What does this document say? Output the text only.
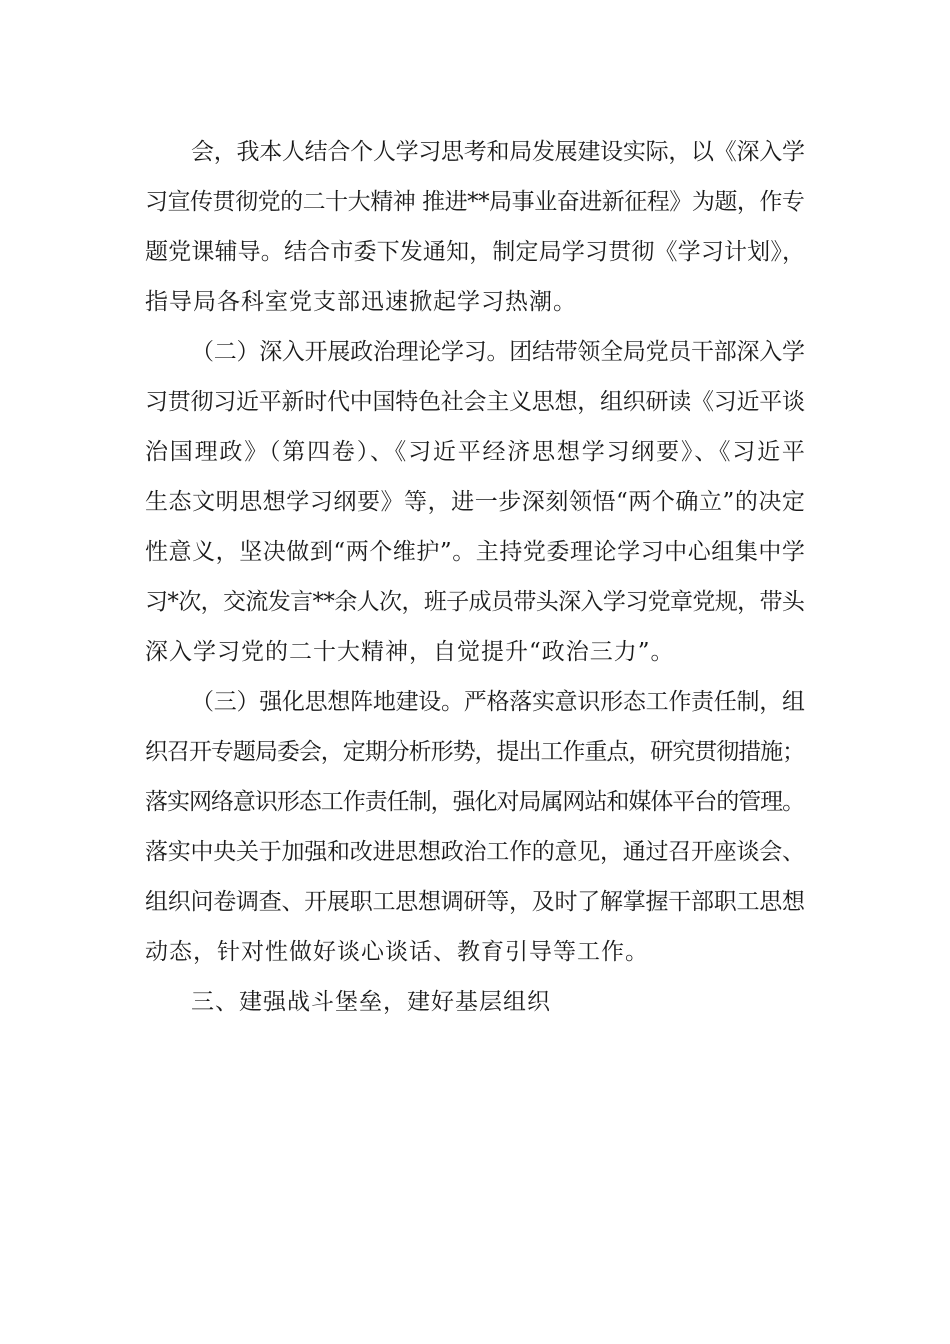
会，我本人结合个人学习思考和局发展建设实际，以《深入学

习宣传贯彻党的二十大精神 推进**局事业奋进新征程》为题，作专

题党课辅导。结合市委下发通知，制定局学习贯彻《学习计划》，

指导局各科室党支部迅速掀起学习热潮。

（二）深入开展政治理论学习。团结带领全局党员干部深入学

习贯彻习近平新时代中国特色社会主义思想，组织研读《习近平谈

治国理政》（第四卷）、《习近平经济思想学习纲要》、《习近平

生态文明思想学习纲要》等，进一步深刻领悟“两个确立”的决定

性意义，坚决做到“两个维护”。主持党委理论学习中心组集中学

习*次，交流发言**余人次，班子成员带头深入学习党章党规，带头

深入学习党的二十大精神，自觉提升“政治三力”。

（三）强化思想阵地建设。严格落实意识形态工作责任制，组

织召开专题局委会，定期分析形势，提出工作重点，研究贯彻措施；

落实网络意识形态工作责任制，强化对局属网站和媒体平台的管理。

落实中央关于加强和改进思想政治工作的意见，通过召开座谈会、

组织问卷调查、开展职工思想调研等，及时了解掌握干部职工思想

动态，针对性做好谈心谈话、教育引导等工作。

三、建强战斗堡垒，建好基层组织
